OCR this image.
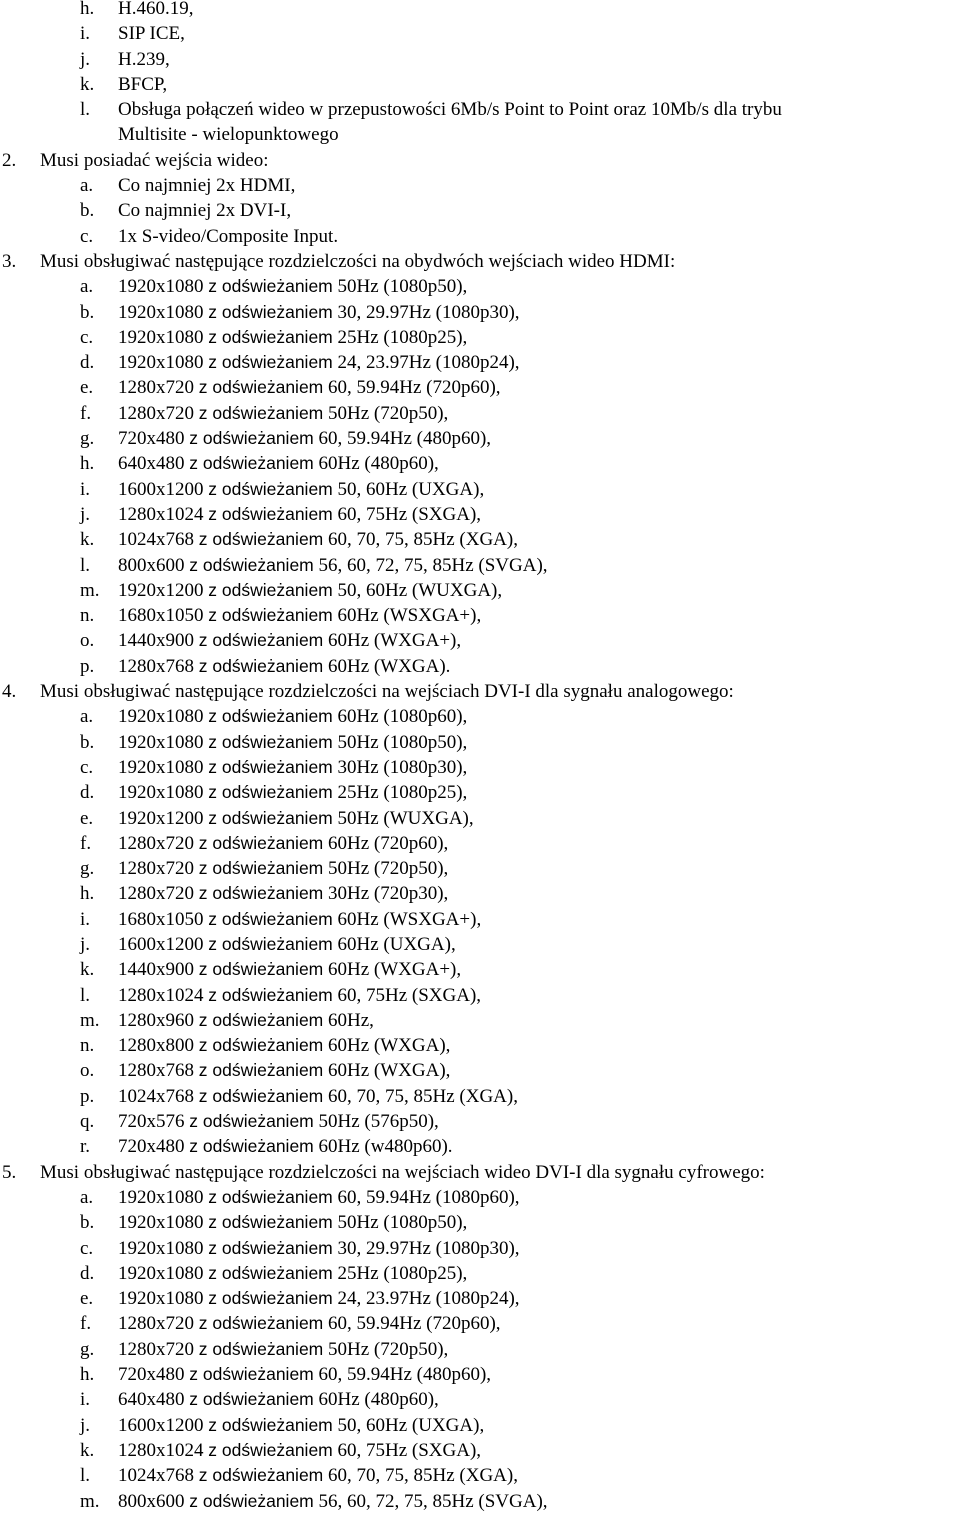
h.	H.460.19,
i.	SIP ICE,
j.	H.239,
k.	BFCP,
l.	Obsługa połączeń wideo w przepustowości 6Mb/s Point to Point oraz 10Mb/s dla trybu
Multisite - wielopunktowego
2.	Musi posiadać wejścia wideo:
a.	Co najmniej 2x HDMI,
b.	Co najmniej 2x DVI-I,
c.	1x S-video/Composite Input.
3.	Musi obsługiwać następujące rozdzielczości na obydwóch wejściach wideo HDMI:
a.	1920x1080 z odświeżaniem 50Hz (1080p50),
b.	1920x1080 z odświeżaniem 30, 29.97Hz (1080p30),
c.	1920x1080 z odświeżaniem 25Hz (1080p25),
d.	1920x1080 z odświeżaniem 24, 23.97Hz (1080p24),
e.	1280x720 z odświeżaniem 60, 59.94Hz (720p60),
f.	1280x720 z odświeżaniem 50Hz (720p50),
g.	720x480 z odświeżaniem 60, 59.94Hz (480p60),
h.	640x480 z odświeżaniem 60Hz (480p60),
i.	1600x1200 z odświeżaniem 50, 60Hz (UXGA),
j.	1280x1024 z odświeżaniem 60, 75Hz (SXGA),
k.	1024x768 z odświeżaniem 60, 70, 75, 85Hz (XGA),
l.	800x600 z odświeżaniem 56, 60, 72, 75, 85Hz (SVGA),
m. 1920x1200 z odświeżaniem 50, 60Hz (WUXGA),
n.	1680x1050 z odświeżaniem 60Hz (WSXGA+),
o.	1440x900 z odświeżaniem 60Hz (WXGA+),
p.	1280x768 z odświeżaniem 60Hz (WXGA).
4.	Musi obsługiwać następujące rozdzielczości na wejściach DVI-I dla sygnału analogowego:
a.	1920x1080 z odświeżaniem 60Hz (1080p60),
b.	1920x1080 z odświeżaniem 50Hz (1080p50),
c.	1920x1080 z odświeżaniem 30Hz (1080p30),
d.	1920x1080 z odświeżaniem 25Hz (1080p25),
e.	1920x1200 z odświeżaniem 50Hz (WUXGA),
f.	1280x720 z odświeżaniem 60Hz (720p60),
g.	1280x720 z odświeżaniem 50Hz (720p50),
h.	1280x720 z odświeżaniem 30Hz (720p30),
i.	1680x1050 z odświeżaniem 60Hz (WSXGA+),
j.	1600x1200 z odświeżaniem 60Hz (UXGA),
k.	1440x900 z odświeżaniem 60Hz (WXGA+),
l.	1280x1024 z odświeżaniem 60, 75Hz (SXGA),
m. 1280x960 z odświeżaniem 60Hz,
n.	1280x800 z odświeżaniem 60Hz (WXGA),
o.	1280x768 z odświeżaniem 60Hz (WXGA),
p.	1024x768 z odświeżaniem 60, 70, 75, 85Hz (XGA),
q.	720x576 z odświeżaniem 50Hz (576p50),
r.	720x480 z odświeżaniem 60Hz (w480p60).
5.	Musi obsługiwać następujące rozdzielczości na wejściach wideo DVI-I dla sygnału cyfrowego:
a.	1920x1080 z odświeżaniem 60, 59.94Hz (1080p60),
b.	1920x1080 z odświeżaniem 50Hz (1080p50),
c.	1920x1080 z odświeżaniem 30, 29.97Hz (1080p30),
d.	1920x1080 z odświeżaniem 25Hz (1080p25),
e.	1920x1080 z odświeżaniem 24, 23.97Hz (1080p24),
f.	1280x720 z odświeżaniem 60, 59.94Hz (720p60),
g.	1280x720 z odświeżaniem 50Hz (720p50),
h.	720x480 z odświeżaniem 60, 59.94Hz (480p60),
i.	640x480 z odświeżaniem 60Hz (480p60),
j.	1600x1200 z odświeżaniem 50, 60Hz (UXGA),
k.	1280x1024 z odświeżaniem 60, 75Hz (SXGA),
l.	1024x768 z odświeżaniem 60, 70, 75, 85Hz (XGA),
m. 800x600 z odświeżaniem 56, 60, 72, 75, 85Hz (SVGA),
